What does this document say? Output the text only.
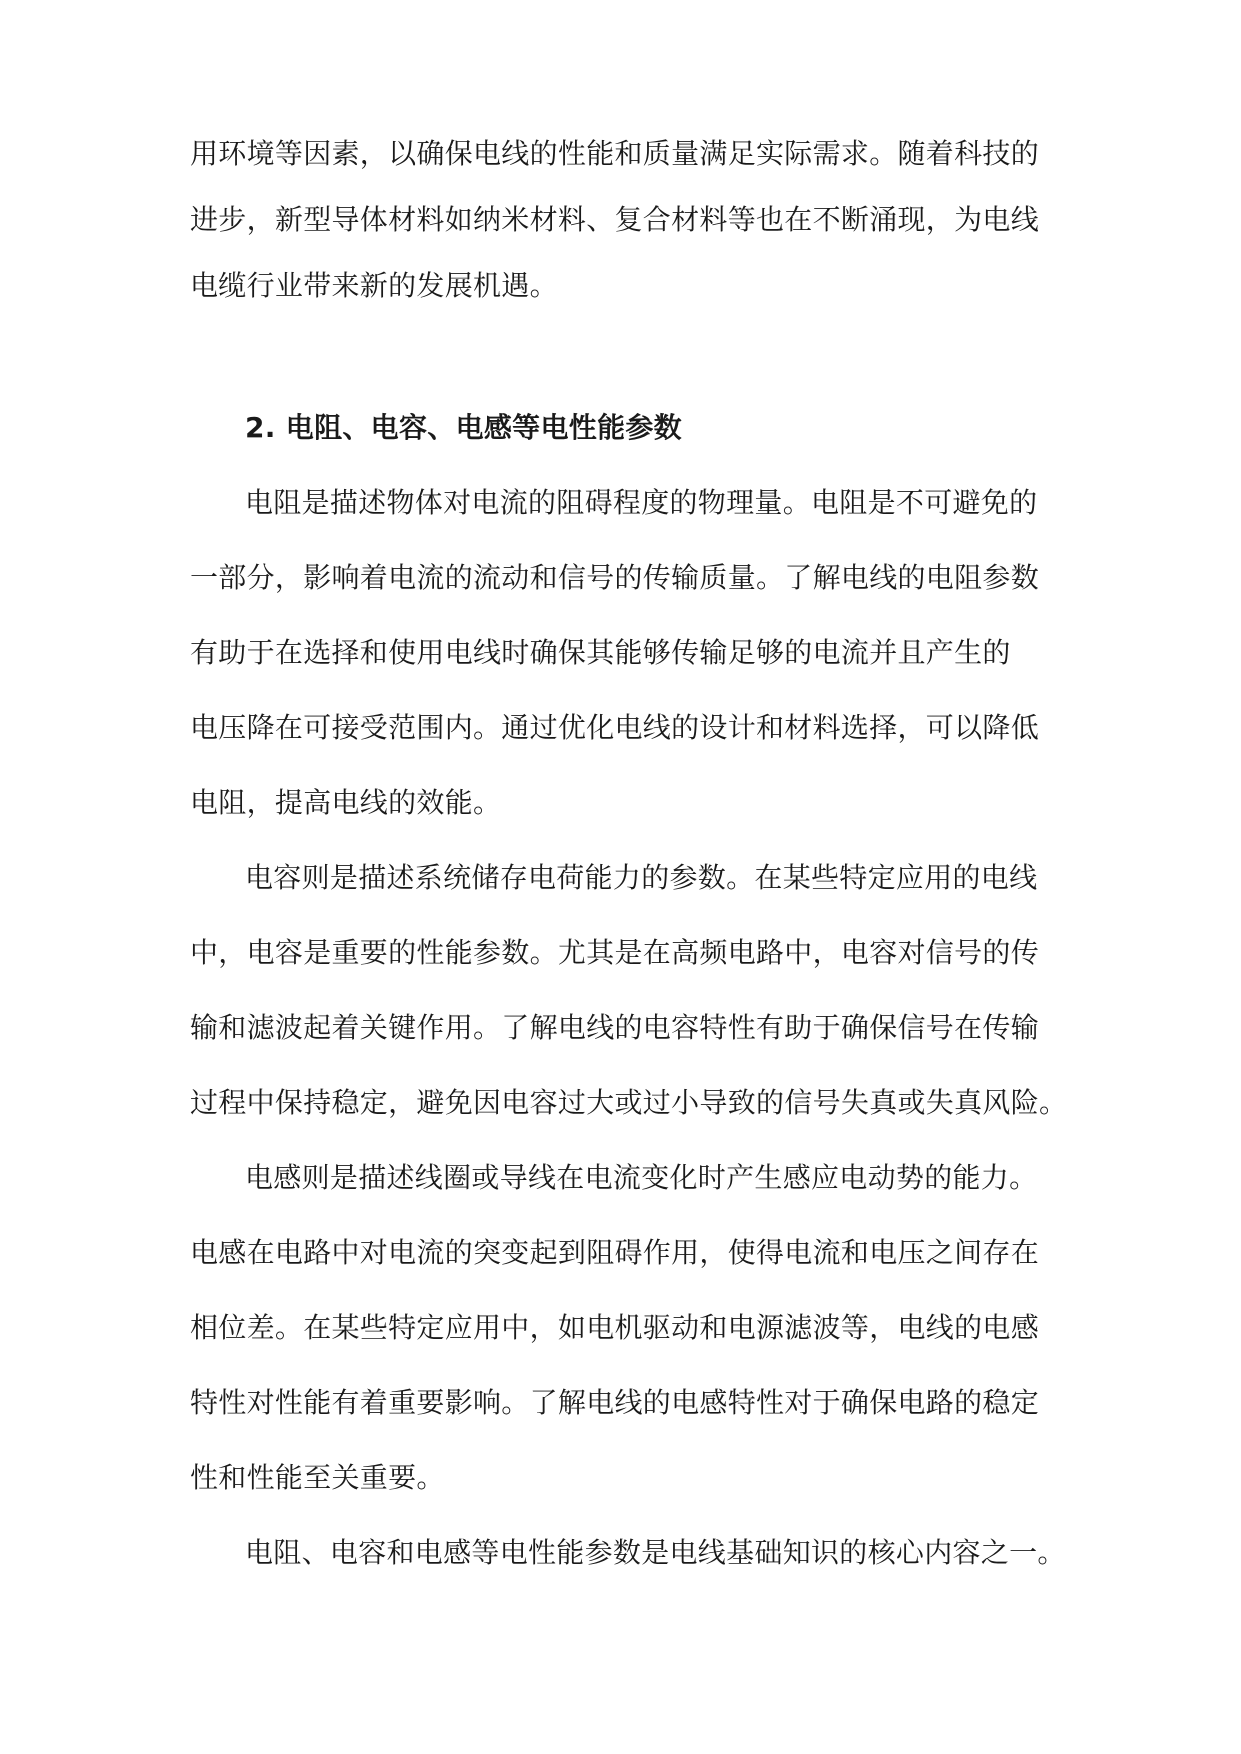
用环境等因素，以确保电线的性能和质量满足实际需求。随着科技的
进步，新型导体材料如纳米材料、复合材料等也在不断涌现，为电线
电缆行业带来新的发展机遇。
2. 电阻、电容、电感等电性能参数
电阻是描述物体对电流的阻碍程度的物理量。电阻是不可避免的
一部分，影响着电流的流动和信号的传输质量。了解电线的电阻参数
有助于在选择和使用电线时确保其能够传输足够的电流并且产生的
电压降在可接受范围内。通过优化电线的设计和材料选择，可以降低
电阻，提高电线的效能。
电容则是描述系统储存电荷能力的参数。在某些特定应用的电线
中，电容是重要的性能参数。尤其是在高频电路中，电容对信号的传
输和滤波起着关键作用。了解电线的电容特性有助于确保信号在传输
过程中保持稳定，避免因电容过大或过小导致的信号失真或失真风险。
电感则是描述线圈或导线在电流变化时产生感应电动势的能力。
电感在电路中对电流的突变起到阻碍作用，使得电流和电压之间存在
相位差。在某些特定应用中，如电机驱动和电源滤波等，电线的电感
特性对性能有着重要影响。了解电线的电感特性对于确保电路的稳定
性和性能至关重要。
电阻、电容和电感等电性能参数是电线基础知识的核心内容之一。
